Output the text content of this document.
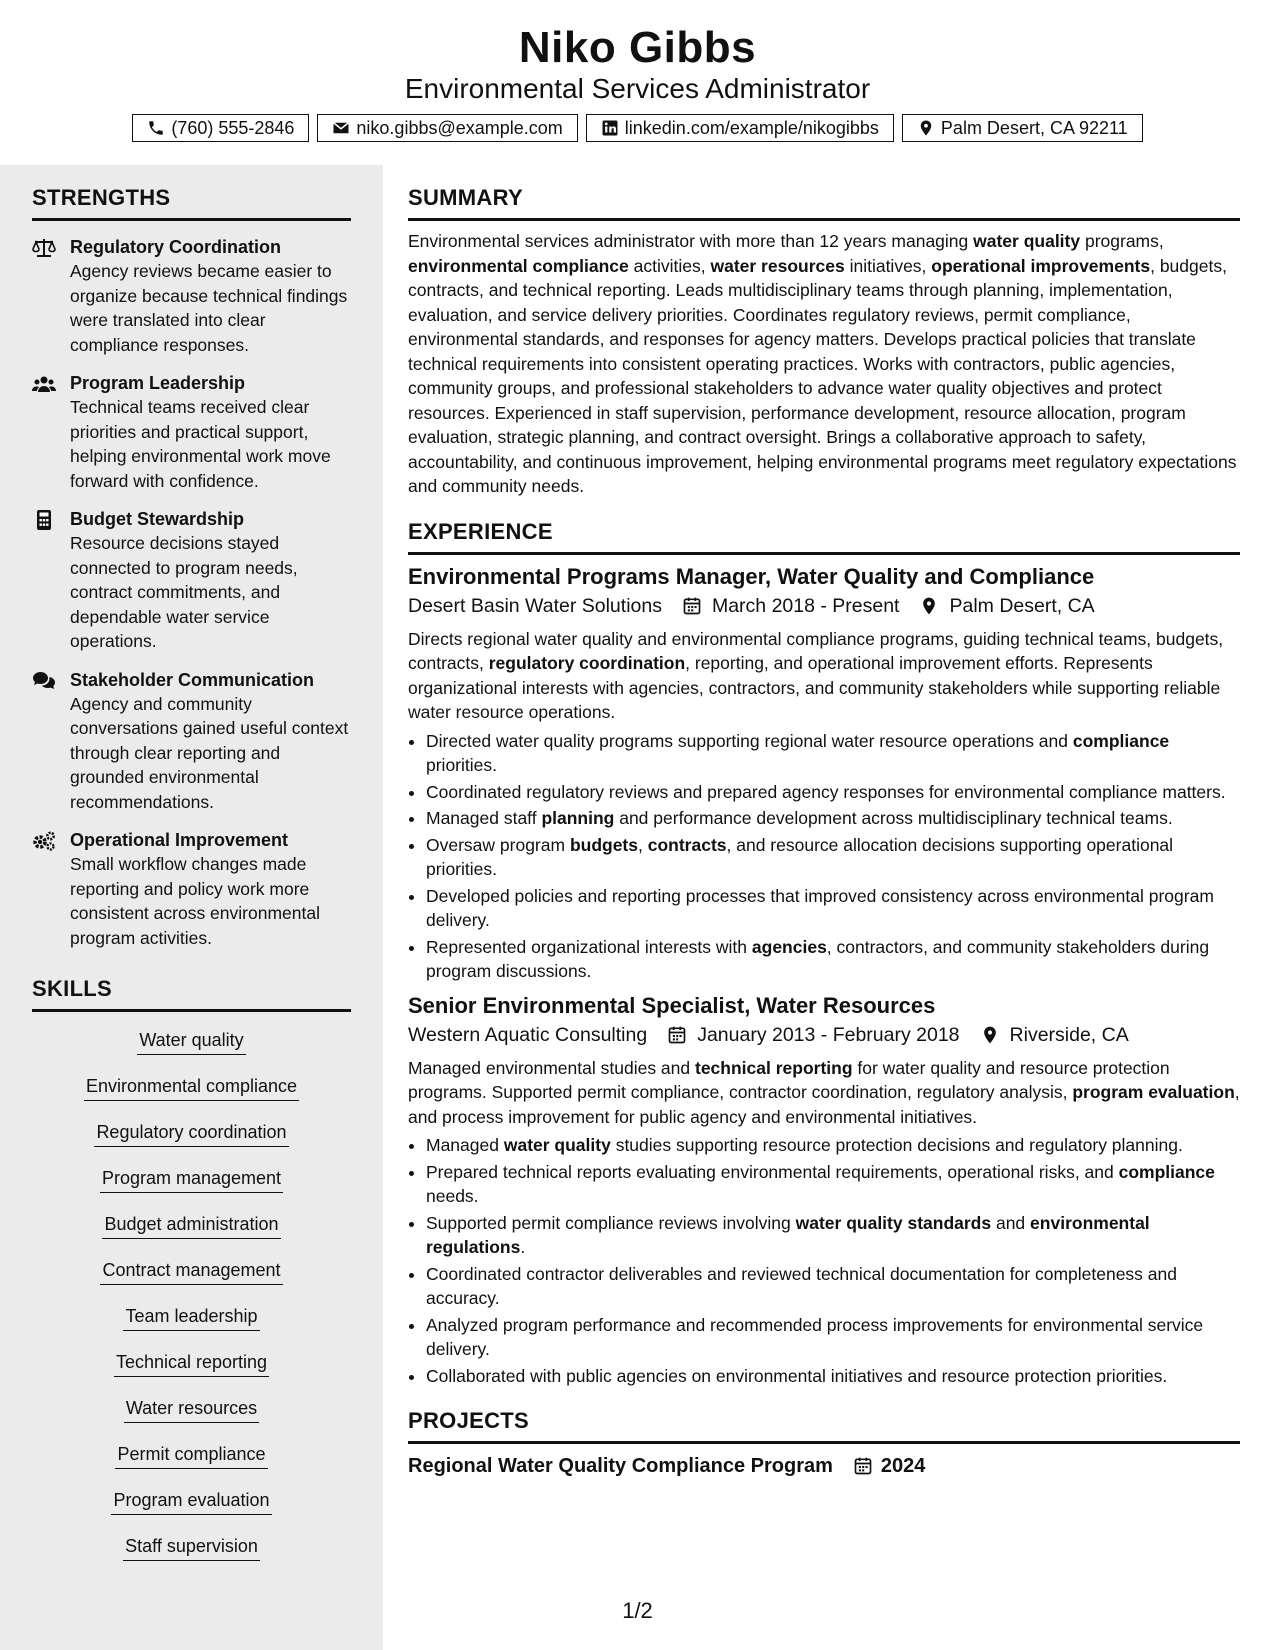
Niko Gibbs
Environmental Services Administrator
(760) 555-2846	niko.gibbs@example.com	linkedin.com/example/nikogibbs	Palm Desert, CA 92211
STRENGTHS
Regulatory Coordination
Agency reviews became easier to organize because technical findings were translated into clear compliance responses.
Program Leadership
Technical teams received clear priorities and practical support, helping environmental work move forward with confidence.
Budget Stewardship
Resource decisions stayed connected to program needs, contract commitments, and dependable water service operations.
Stakeholder Communication
Agency and community conversations gained useful context through clear reporting and grounded environmental recommendations.
Operational Improvement
Small workflow changes made reporting and policy work more consistent across environmental program activities.
SKILLS
Water quality
Environmental compliance
Regulatory coordination
Program management
Budget administration
Contract management
Team leadership
Technical reporting
Water resources
Permit compliance
Program evaluation
Staff supervision
SUMMARY

Environmental services administrator with more than 12 years managing water quality programs, environmental compliance activities, water resources initiatives, operational improvements, budgets, contracts, and technical reporting. Leads multidisciplinary teams through planning, implementation, evaluation, and service delivery priorities. Coordinates regulatory reviews, permit compliance, environmental standards, and responses for agency matters. Develops practical policies that translate technical requirements into consistent operating practices. Works with contractors, public agencies, community groups, and professional stakeholders to advance water quality objectives and protect resources. Experienced in staff supervision, performance development, resource allocation, program evaluation, strategic planning, and contract oversight. Brings a collaborative approach to safety, accountability, and continuous improvement, helping environmental programs meet regulatory expectations and community needs.

EXPERIENCE
Environmental Programs Manager, Water Quality and Compliance
Desert Basin Water Solutions	March 2018 - Present	Palm Desert, CA

Directs regional water quality and environmental compliance programs, guiding technical teams, budgets, contracts, regulatory coordination, reporting, and operational improvement efforts. Represents organizational interests with agencies, contractors, and community stakeholders while supporting reliable water resource operations.

• Directed water quality programs supporting regional water resource operations and compliance priorities.
• Coordinated regulatory reviews and prepared agency responses for environmental compliance matters.
• Managed staff planning and performance development across multidisciplinary technical teams.
• Oversaw program budgets, contracts, and resource allocation decisions supporting operational priorities.
• Developed policies and reporting processes that improved consistency across environmental program delivery.
• Represented organizational interests with agencies, contractors, and community stakeholders during program discussions.
Senior Environmental Specialist, Water Resources
Western Aquatic Consulting	January 2013 - February 2018	Riverside, CA

Managed environmental studies and technical reporting for water quality and resource protection programs. Supported permit compliance, contractor coordination, regulatory analysis, program evaluation, and process improvement for public agency and environmental initiatives.

• Managed water quality studies supporting resource protection decisions and regulatory planning.
• Prepared technical reports evaluating environmental requirements, operational risks, and compliance needs.
• Supported permit compliance reviews involving water quality standards and environmental regulations.
• Coordinated contractor deliverables and reviewed technical documentation for completeness and accuracy.
• Analyzed program performance and recommended process improvements for environmental service delivery.
• Collaborated with public agencies on environmental initiatives and resource protection priorities.
PROJECTS
Regional Water Quality Compliance Program 2024
1/2
